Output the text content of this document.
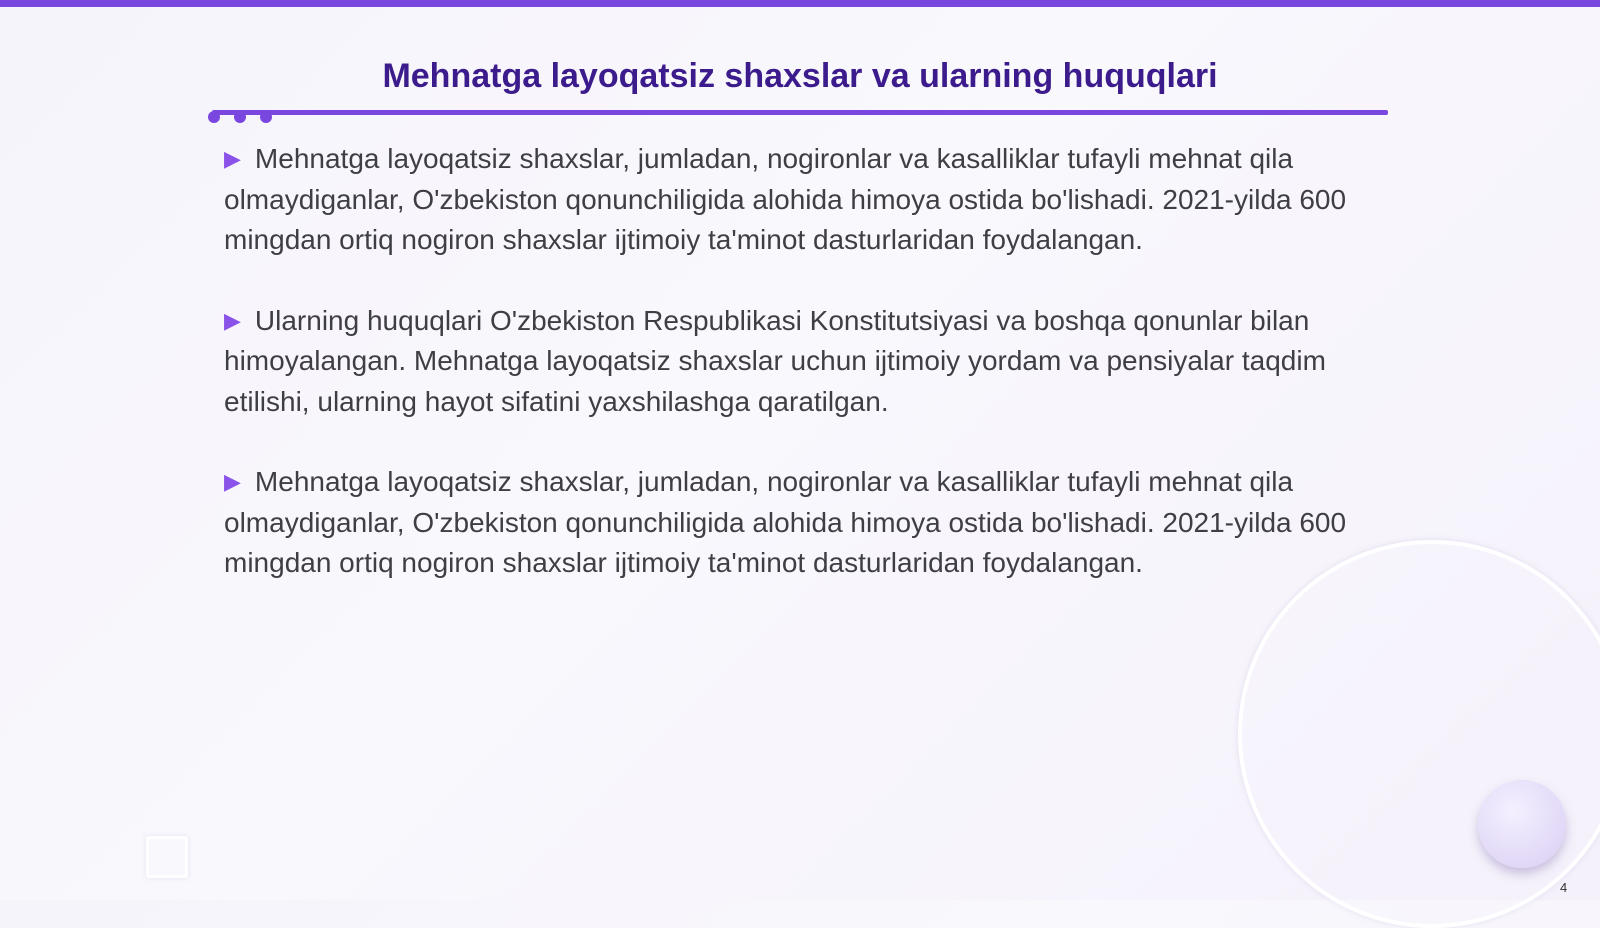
Mehnatga layoqatsiz shaxslar va ularning huquqlari

▶ Mehnatga layoqatsiz shaxslar, jumladan, nogironlar va kasalliklar tufayli mehnat qila olmaydiganlar, O'zbekiston qonunchiligida alohida himoya ostida bo'lishadi. 2021-yilda 600 mingdan ortiq nogiron shaxslar ijtimoiy ta'minot dasturlaridan foydalangan.

▶ Ularning huquqlari O'zbekiston Respublikasi Konstitutsiyasi va boshqa qonunlar bilan himoyalangan. Mehnatga layoqatsiz shaxslar uchun ijtimoiy yordam va pensiyalar taqdim etilishi, ularning hayot sifatini yaxshilashga qaratilgan.

▶ Mehnatga layoqatsiz shaxslar, jumladan, nogironlar va kasalliklar tufayli mehnat qila olmaydiganlar, O'zbekiston qonunchiligida alohida himoya ostida bo'lishadi. 2021-yilda 600 mingdan ortiq nogiron shaxslar ijtimoiy ta'minot dasturlaridan foydalangan.

4
